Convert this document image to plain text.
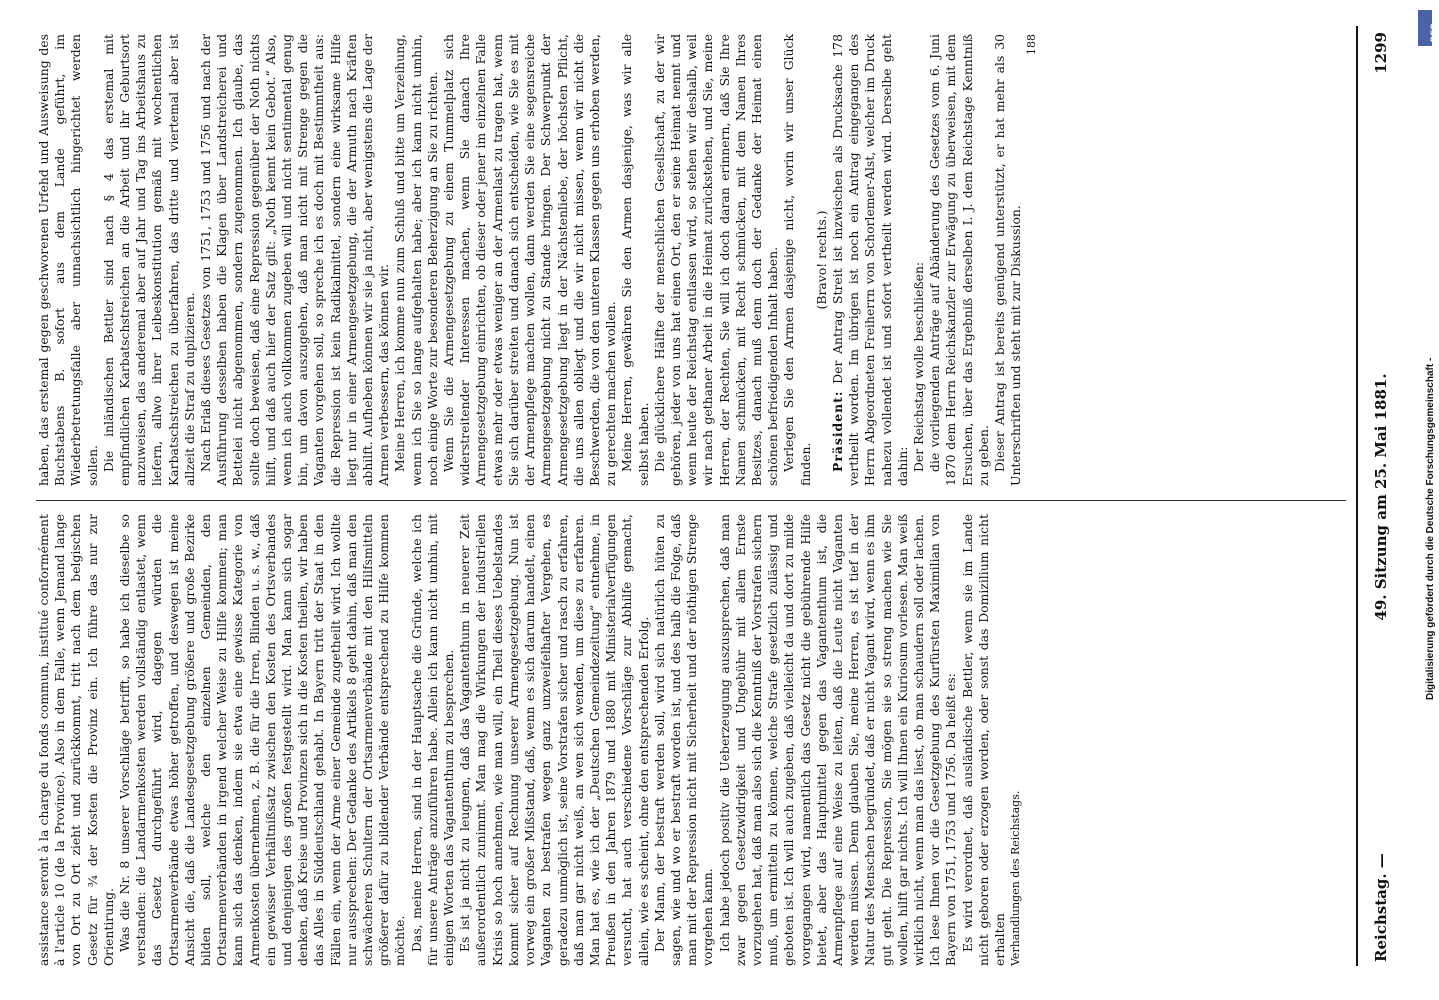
Reichstag. —
49. Sitzung am 25. Mai 1881.
1299

assistance seront à la charge du fonds commun, institué conformément à l'article 10 (de la Province). Also in dem Falle, wenn Jemand lange von Ort zu Ort zieht und zurückkommt, tritt nach dem belgischen Gesetz für ¾ der Kosten die Provinz ein. Ich führe das nur zur Orientirung. Was die Nr. 8 unserer Vorschläge betrifft, so habe ich dieselbe so verstanden: die Landarmenkosten werden vollständig entlastet, wenn das Gesetz durchgeführt wird, dagegen würden die Ortsarmenverbände etwas höher getroffen, und deswegen ist meine Ansicht die, daß die Landesgesetzgebung größere und große Bezirke bilden soll, welche den einzelnen Gemeinden, den Ortsarmenverbänden in irgend welcher Weise zu Hilfe kommen; man kann sich das denken, indem sie etwa eine gewisse Kategorie von Armenkosten übernehmen, z. B. die für die Irren, Blinden u. s. w., daß ein gewisser Verhältnißsatz zwischen den Kosten des Ortsverbandes und denjenigen des großen festgestellt wird. Man kann sich sogar denken, daß Kreise und Provinzen sich in die Kosten theilen, wir haben das Alles in Süddeutschland gehabt. In Bayern tritt der Staat in den Fällen ein, wenn der Arme einer Gemeinde zugetheilt wird. Ich wollte nur aussprechen: Der Gedanke des Artikels 8 geht dahin, daß man den schwächeren Schultern der Ortsarmenverbände mit den Hilfsmitteln größerer dafür zu bildender Verbände entsprechend zu Hilfe kommen möchte. Das, meine Herren, sind in der Hauptsache die Gründe, welche ich für unsere Anträge anzuführen habe. Allein ich kann nicht umhin, mit einigen Worten das Vagantenthum zu besprechen. Es ist ja nicht zu leugnen, daß das Vagantenthum in neuerer Zeit außerordentlich zunimmt. Man mag die Wirkungen der industriellen Krisis so hoch annehmen, wie man will, ein Theil dieses Uebelstandes kommt sicher auf Rechnung unserer Armengesetzgebung. Nun ist vorweg ein großer Mißstand, daß, wenn es sich darum handelt, einen Vaganten zu bestrafen wegen ganz unzweifelhafter Vergehen, es geradezu unmöglich ist, seine Vorstrafen sicher und rasch zu erfahren, daß man gar nicht weiß, an wen sich wenden, um diese zu erfahren. Man hat es, wie ich der „Deutschen Gemeindezeitung“ entnehme, in Preußen in den Jahren 1879 und 1880 mit Ministerialverfügungen versucht, hat auch verschiedene Vorschläge zur Abhilfe gemacht, allein, wie es scheint, ohne den entsprechenden Erfolg. Der Mann, der bestraft werden soll, wird sich natürlich hüten zu sagen, wie und wo er bestraft worden ist, und des halb die Folge, daß man mit der Repression nicht mit Sicherheit und der nöthigen Strenge vorgehen kann. Ich habe jedoch positiv die Ueberzeugung auszusprechen, daß man zwar gegen Gesetzwidrigkeit und Ungebühr mit allem Ernste vorzugehen hat, daß man also sich die Kenntniß der Vorstrafen sichern muß, um ermitteln zu können, welche Strafe gesetzlich zulässig und geboten ist. Ich will auch zugeben, daß vielleicht da und dort zu milde vorgegangen wird, namentlich das Gesetz nicht die gebührende Hilfe bietet, aber das Hauptmittel gegen das Vagantenthum ist, die Armenpflege auf eine Weise zu leiten, daß die Leute nicht Vaganten werden müssen. Denn glauben Sie, meine Herren, es ist tief in der Natur des Menschen begründet, daß er nicht Vagant wird, wenn es ihm gut geht. Die Repression, Sie mögen sie so streng machen wie Sie wollen, hilft gar nichts. Ich will Ihnen ein Kuriosum vorlesen. Man weiß wirklich nicht, wenn man das liest, ob man schaudern soll oder lachen. Ich lese Ihnen vor die Gesetzgebung des Kurfürsten Maximilian von Bayern von 1751, 1753 und 1756. Da heißt es: Es wird verordnet, daß ausländische Bettler, wenn sie im Lande nicht geboren oder erzogen worden, oder sonst das Domizilium nicht erhalten Verhandlungen des Reichstags.

haben, das erstemal gegen geschworenen Urfehd und Ausweisung des Buchstabens B. sofort aus dem Lande geführt, im Wiederbetretungsfalle aber unnachsichtlich hingerichtet werden sollen. Die inländischen Bettler sind nach § 4 das erstemal mit empfindlichen Karbatschstreichen an die Arbeit und ihr Geburtsort anzuweisen, das anderemal aber auf Jahr und Tag ins Arbeitshaus zu liefern, allwo ihrer Leibeskonstitution gemäß mit wochentlichen Karbatschstreichen zu überfahren, das dritte und viertemal aber ist allzeit die Straf zu duplizieren. Nach Erlaß dieses Gesetzes von 1751, 1753 und 1756 und nach der Ausführung desselben haben die Klagen über Landstreicherei und Bettelei nicht abgenommen, sondern zugenommen. Ich glaube, das sollte doch beweisen, daß eine Repression gegenüber der Noth nichts hilft, und daß auch hier der Satz gilt: „Noth kennt kein Gebot.“ Also, wenn ich auch vollkommen zugeben will und nicht sentimental genug bin, um davon auszugehen, daß man nicht mit Strenge gegen die Vaganten vorgehen soll, so spreche ich es doch mit Bestimmtheit aus: die Repression ist kein Radikalmittel, sondern eine wirksame Hilfe liegt nur in einer Armengesetzgebung, die der Armuth nach Kräften abhilft. Aufheben können wir sie ja nicht, aber wenigstens die Lage der Armen verbessern, das können wir. Meine Herren, ich komme nun zum Schluß und bitte um Verzeihung, wenn ich Sie so lange aufgehalten habe; aber ich kann nicht umhin, noch einige Worte zur besonderen Beherzigung an Sie zu richten. Wenn Sie die Armengesetzgebung zu einem Tummelplatz sich widerstreitender Interessen machen, wenn Sie danach Ihre Armengesetzgebung einrichten, ob dieser oder jener im einzelnen Falle etwas mehr oder etwas weniger an der Armenlast zu tragen hat, wenn Sie sich darüber streiten und danach sich entscheiden, wie Sie es mit der Armenpflege machen wollen, dann werden Sie eine segensreiche Armengesetzgebung nicht zu Stande bringen. Der Schwerpunkt der Armengesetzgebung liegt in der Nächstenliebe, der höchsten Pflicht, die uns allen obliegt und die wir nicht missen, wenn wir nicht die Beschwerden, die von den unteren Klassen gegen uns erhoben werden, zu gerechten machen wollen. Meine Herren, gewähren Sie den Armen dasjenige, was wir alle selbst haben. Die glücklichere Hälfte der menschlichen Gesellschaft, zu der wir gehören, jeder von uns hat einen Ort, den er seine Heimat nennt und wenn heute der Reichstag entlassen wird, so stehen wir deshalb, weil wir nach gethaner Arbeit in die Heimat zurückstehen, und Sie, meine Herren, der Rechten, Sie will ich doch daran erinnern, daß Sie Ihre Namen schmücken, mit Recht schmücken, mit dem Namen Ihres Besitzes, danach muß denn doch der Gedanke der Heimat einen schönen befriedigenden Inhalt haben. Verlegen Sie den Armen dasjenige nicht, worin wir unser Glück finden.

(Bravo! rechts.)

Präsident: Der Antrag Streit ist inzwischen als Drucksache 178 vertheilt worden. Im übrigen ist noch ein Antrag eingegangen des Herrn Abgeordneten Freiherrn von Schorlemer-Alst, welcher im Druck nahezu vollendet ist und sofort vertheilt werden wird. Derselbe geht dahin: Der Reichstag wolle beschließen: die vorliegenden Anträge auf Abänderung des Gesetzes vom 6. Juni 1870 dem Herrn Reichskanzler zur Erwägung zu überweisen, mit dem Ersuchen, über das Ergebniß derselben I. J. dem Reichstage Kenntniß zu geben. Dieser Antrag ist bereits genügend unterstützt, er hat mehr als 30 Unterschriften und steht mit zur Diskussion.

188

Digitalisierung gefördert durch die Deutsche Forschungsgemeinschaft -
DFG
